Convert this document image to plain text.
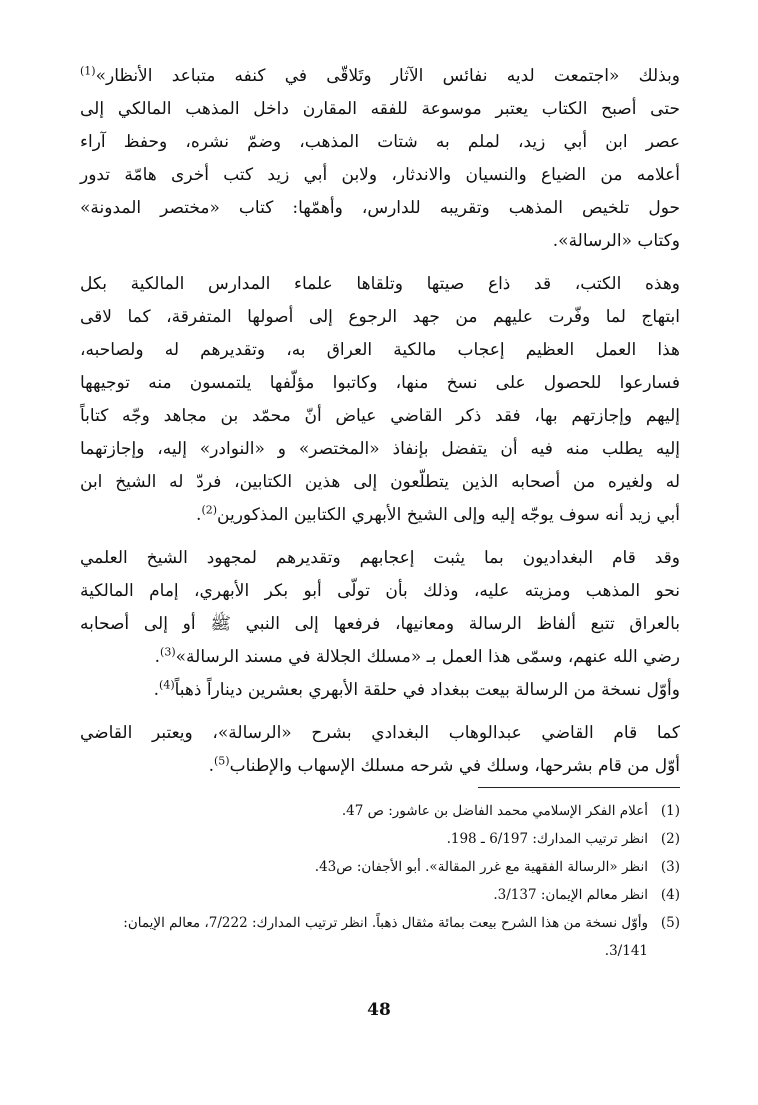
وبذلك «اجتمعت لديه نفائس الآثار وتَلاقّى في كنفه متباعد الأنظار»$^{(1)}$
حتى أصبح الكتاب يعتبر موسوعة للفقه المقارن داخل المذهب المالكي إلى
عصر ابن أبي زيد، لملم به شتات المذهب، وضمّ نشره، وحفظ آراء
أعلامه من الضياع والنسيان والاندثار، ولابن أبي زيد كتب أخرى هامّة تدور
حول تلخيص المذهب وتقريبه للدارس، وأهمّها: كتاب «مختصر المدونة»
وكتاب «الرسالة».

وهذه الكتب، قد ذاع صيتها وتلقاها علماء المدارس المالكية بكل
ابتهاج لما وفّرت عليهم من جهد الرجوع إلى أصولها المتفرقة، كما لاقى
هذا العمل العظيم إعجاب مالكية العراق به، وتقديرهم له ولصاحبه،
فسارعوا للحصول على نسخ منها، وكاتبوا مؤلّفها يلتمسون منه توجيهها
إليهم وإجازتهم بها، فقد ذكر القاضي عياض أنّ محمّد بن مجاهد وجّه كتاباً
إليه يطلب منه فيه أن يتفضل بإنفاذ «المختصر» و «النوادر» إليه، وإجازتهما
له ولغيره من أصحابه الذين يتطلّعون إلى هذين الكتابين، فردّ له الشيخ ابن
أبي زيد أنه سوف يوجّه إليه وإلى الشيخ الأبهري الكتابين المذكورين$^{(2)}$.

وقد قام البغداديون بما يثبت إعجابهم وتقديرهم لمجهود الشيخ العلمي
نحو المذهب ومزيته عليه، وذلك بأن تولّى أبو بكر الأبهري، إمام المالكية
بالعراق تتبع ألفاظ الرسالة ومعانيها، فرفعها إلى النبي ﷺ أو إلى أصحابه
رضي الله عنهم، وسمّى هذا العمل بـ «مسلك الجلالة في مسند الرسالة»$^{(3)}$.
وأوّل نسخة من الرسالة بيعت ببغداد في حلقة الأبهري بعشرين ديناراً ذهباً$^{(4)}$.

كما قام القاضي عبدالوهاب البغدادي بشرح «الرسالة»، ويعتبر القاضي
أوّل من قام بشرحها، وسلك في شرحه مسلك الإسهاب والإطناب$^{(5)}$.

(1)
أعلام الفكر الإسلامي محمد الفاضل بن عاشور: ص 47.
(2)
انظر ترتيب المدارك: 6/197 ـ 198.
(3)
انظر «الرسالة الفقهية مع غرر المقالة». أبو الأجفان: ص43.
(4)
انظر معالم الإيمان: 3/137.
(5)
وأوّل نسخة من هذا الشرح بيعت بمائة مثقال ذهباً. انظر ترتيب المدارك: 7/222، معالم الإيمان: 3/141.
48
